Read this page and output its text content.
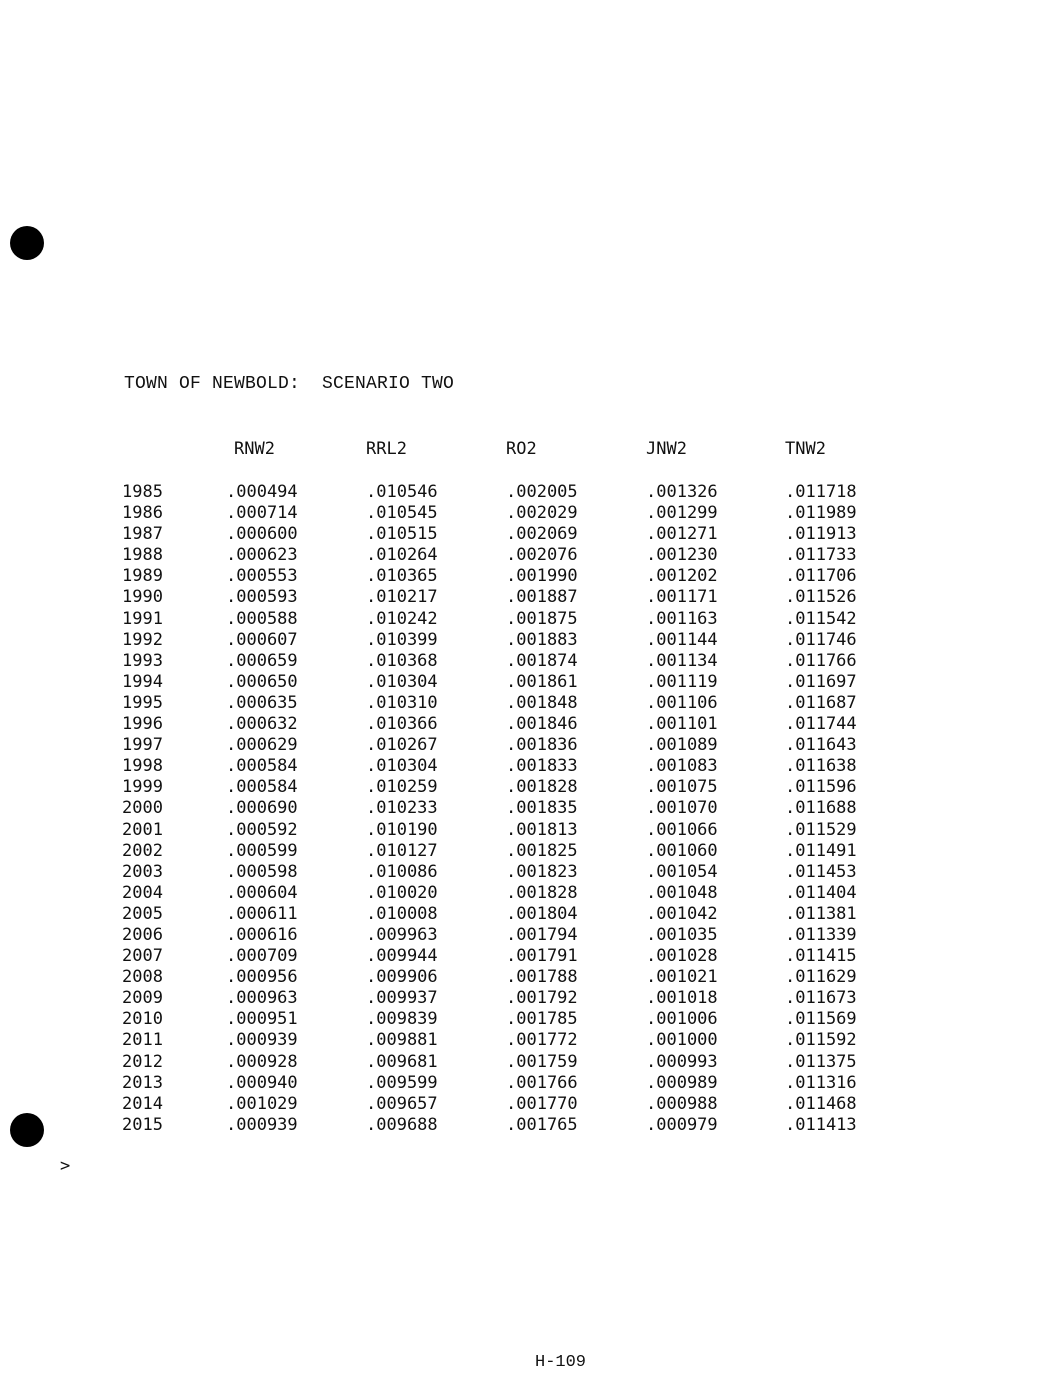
TOWN OF NEWBOLD:  SCENARIO TWO
	RNW2	RRL2	RO2	JNW2	TNW2

1985	.000494	.010546	.002005	.001326	.011718
1986	.000714	.010545	.002029	.001299	.011989
1987	.000600	.010515	.002069	.001271	.011913
1988	.000623	.010264	.002076	.001230	.011733
1989	.000553	.010365	.001990	.001202	.011706
1990	.000593	.010217	.001887	.001171	.011526
1991	.000588	.010242	.001875	.001163	.011542
1992	.000607	.010399	.001883	.001144	.011746
1993	.000659	.010368	.001874	.001134	.011766
1994	.000650	.010304	.001861	.001119	.011697
1995	.000635	.010310	.001848	.001106	.011687
1996	.000632	.010366	.001846	.001101	.011744
1997	.000629	.010267	.001836	.001089	.011643
1998	.000584	.010304	.001833	.001083	.011638
1999	.000584	.010259	.001828	.001075	.011596
2000	.000690	.010233	.001835	.001070	.011688
2001	.000592	.010190	.001813	.001066	.011529
2002	.000599	.010127	.001825	.001060	.011491
2003	.000598	.010086	.001823	.001054	.011453
2004	.000604	.010020	.001828	.001048	.011404
2005	.000611	.010008	.001804	.001042	.011381
2006	.000616	.009963	.001794	.001035	.011339
2007	.000709	.009944	.001791	.001028	.011415
2008	.000956	.009906	.001788	.001021	.011629
2009	.000963	.009937	.001792	.001018	.011673
2010	.000951	.009839	.001785	.001006	.011569
2011	.000939	.009881	.001772	.001000	.011592
2012	.000928	.009681	.001759	.000993	.011375
2013	.000940	.009599	.001766	.000989	.011316
2014	.001029	.009657	.001770	.000988	.011468
2015	.000939	.009688	.001765	.000979	.011413
>
H-109
